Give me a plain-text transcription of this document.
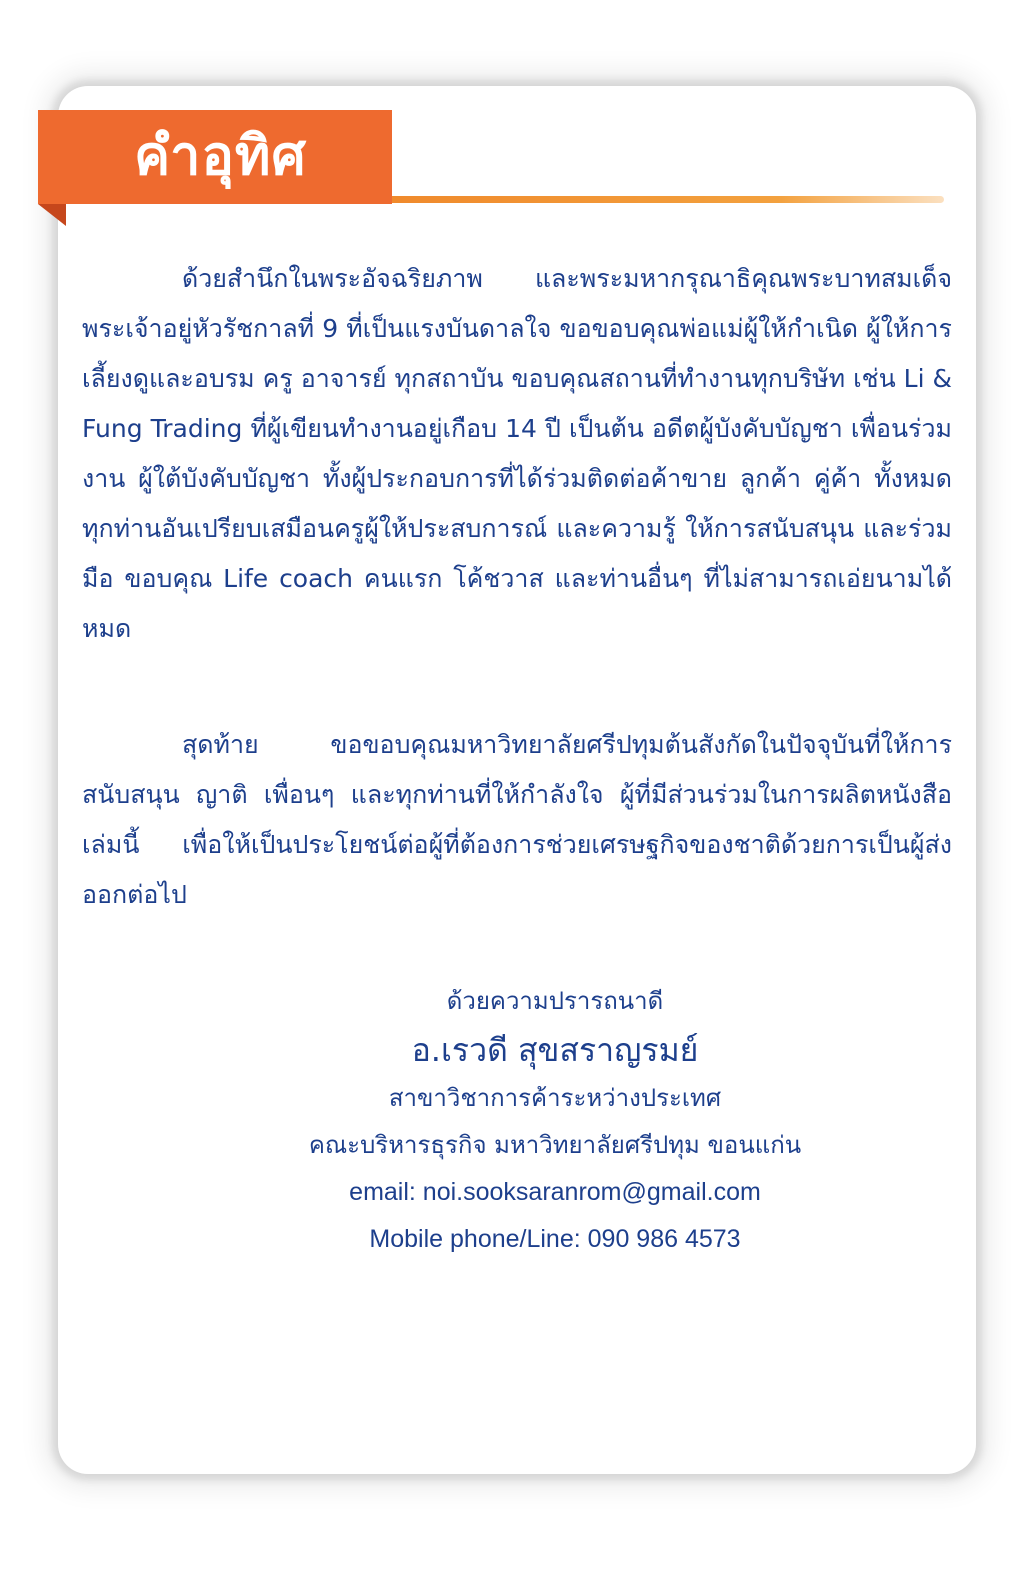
คำอุทิศ

ด้วยสำนึกในพระอัจฉริยภาพ และพระมหากรุณาธิคุณพระบาทสมเด็จพระเจ้าอยู่หัวรัชกาลที่ 9 ที่เป็นแรงบันดาลใจ ขอขอบคุณพ่อแม่ผู้ให้กำเนิด ผู้ให้การเลี้ยงดูและอบรม ครู อาจารย์ ทุกสถาบัน ขอบคุณสถานที่ทำงานทุกบริษัท เช่น Li & Fung Trading ที่ผู้เขียนทำงานอยู่เกือบ 14 ปี เป็นต้น อดีตผู้บังคับบัญชา เพื่อนร่วมงาน ผู้ใต้บังคับบัญชา ทั้งผู้ประกอบการที่ได้ร่วมติดต่อค้าขาย ลูกค้า คู่ค้า ทั้งหมด ทุกท่านอันเปรียบเสมือนครูผู้ให้ประสบการณ์ และความรู้ ให้การสนับสนุน และร่วมมือ ขอบคุณ Life coach คนแรก โค้ชวาส และท่านอื่นๆ ที่ไม่สามารถเอ่ยนามได้หมด

สุดท้าย ขอขอบคุณมหาวิทยาลัยศรีปทุมต้นสังกัดในปัจจุบันที่ให้การสนับสนุน ญาติ เพื่อนๆ และทุกท่านที่ให้กำลังใจ ผู้ที่มีส่วนร่วมในการผลิตหนังสือเล่มนี้ เพื่อให้เป็นประโยชน์ต่อผู้ที่ต้องการช่วยเศรษฐกิจของชาติด้วยการเป็นผู้ส่งออกต่อไป

ด้วยความปรารถนาดี
อ.เรวดี สุขสราญรมย์
สาขาวิชาการค้าระหว่างประเทศ
คณะบริหารธุรกิจ มหาวิทยาลัยศรีปทุม ขอนแก่น
email: noi.sooksaranrom@gmail.com
Mobile phone/Line: 090 986 4573
